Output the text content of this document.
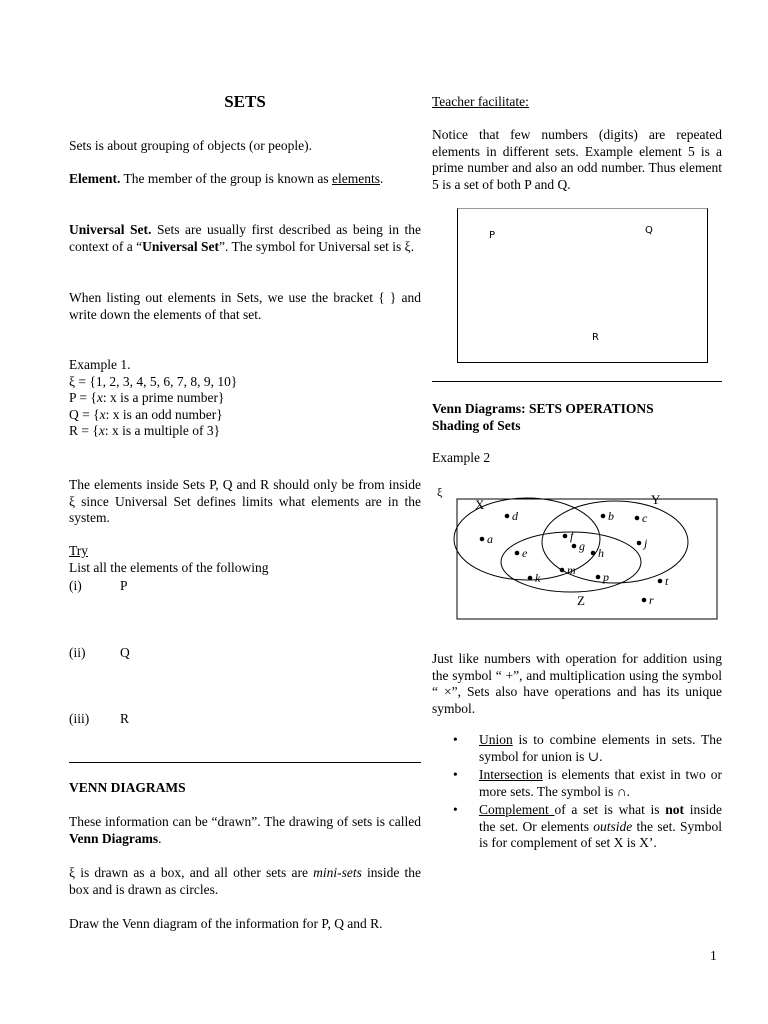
SETS

Sets is about grouping of objects (or people).

Element. The member of the group is known as elements.

Universal Set. Sets are usually first described as being in the context of a “Universal Set”. The symbol for Universal set is ξ.

When listing out elements in Sets, we use the bracket { } and write down the elements of that set.

Example 1.

ξ = {1, 2, 3, 4, 5, 6, 7, 8, 9, 10}

P = {x: x is a prime number}

Q = {x: x is an odd number}

R = {x: x is a multiple of 3}

The elements inside Sets P, Q and R should only be from inside ξ since Universal Set defines limits what elements are in the system.

Try

List all the elements of the following

(i)	P
(ii)	Q
(iii)	R

VENN DIAGRAMS

These information can be “drawn”. The drawing of sets is called Venn Diagrams.

ξ is drawn as a box, and all other sets are mini-sets inside the box and is drawn as circles.

Draw the Venn diagram of the information for P, Q and R.

Teacher facilitate:

Notice that few numbers (digits) are repeated elements in different sets. Example element 5 is a prime number and also an odd number. Thus element 5 is a set of both P and Q.

P	Q
R

Venn Diagrams: SETS OPERATIONS

Shading of Sets

Example 2

ξ
X	Y
Z
a
d
f
g
e	h
b c
j
k
m p	t
r

Just like numbers with operation for addition using the symbol “ +”, and multiplication using the symbol “ ×”, Sets also have operations and has its unique symbol.

• Union is to combine elements in sets. The symbol for union is ∪.
• Intersection is elements that exist in two or more sets. The symbol is ∩.
• Complement of a set is what is not inside the set. Or elements outside the set. Symbol is for complement of set X is X’.
1
